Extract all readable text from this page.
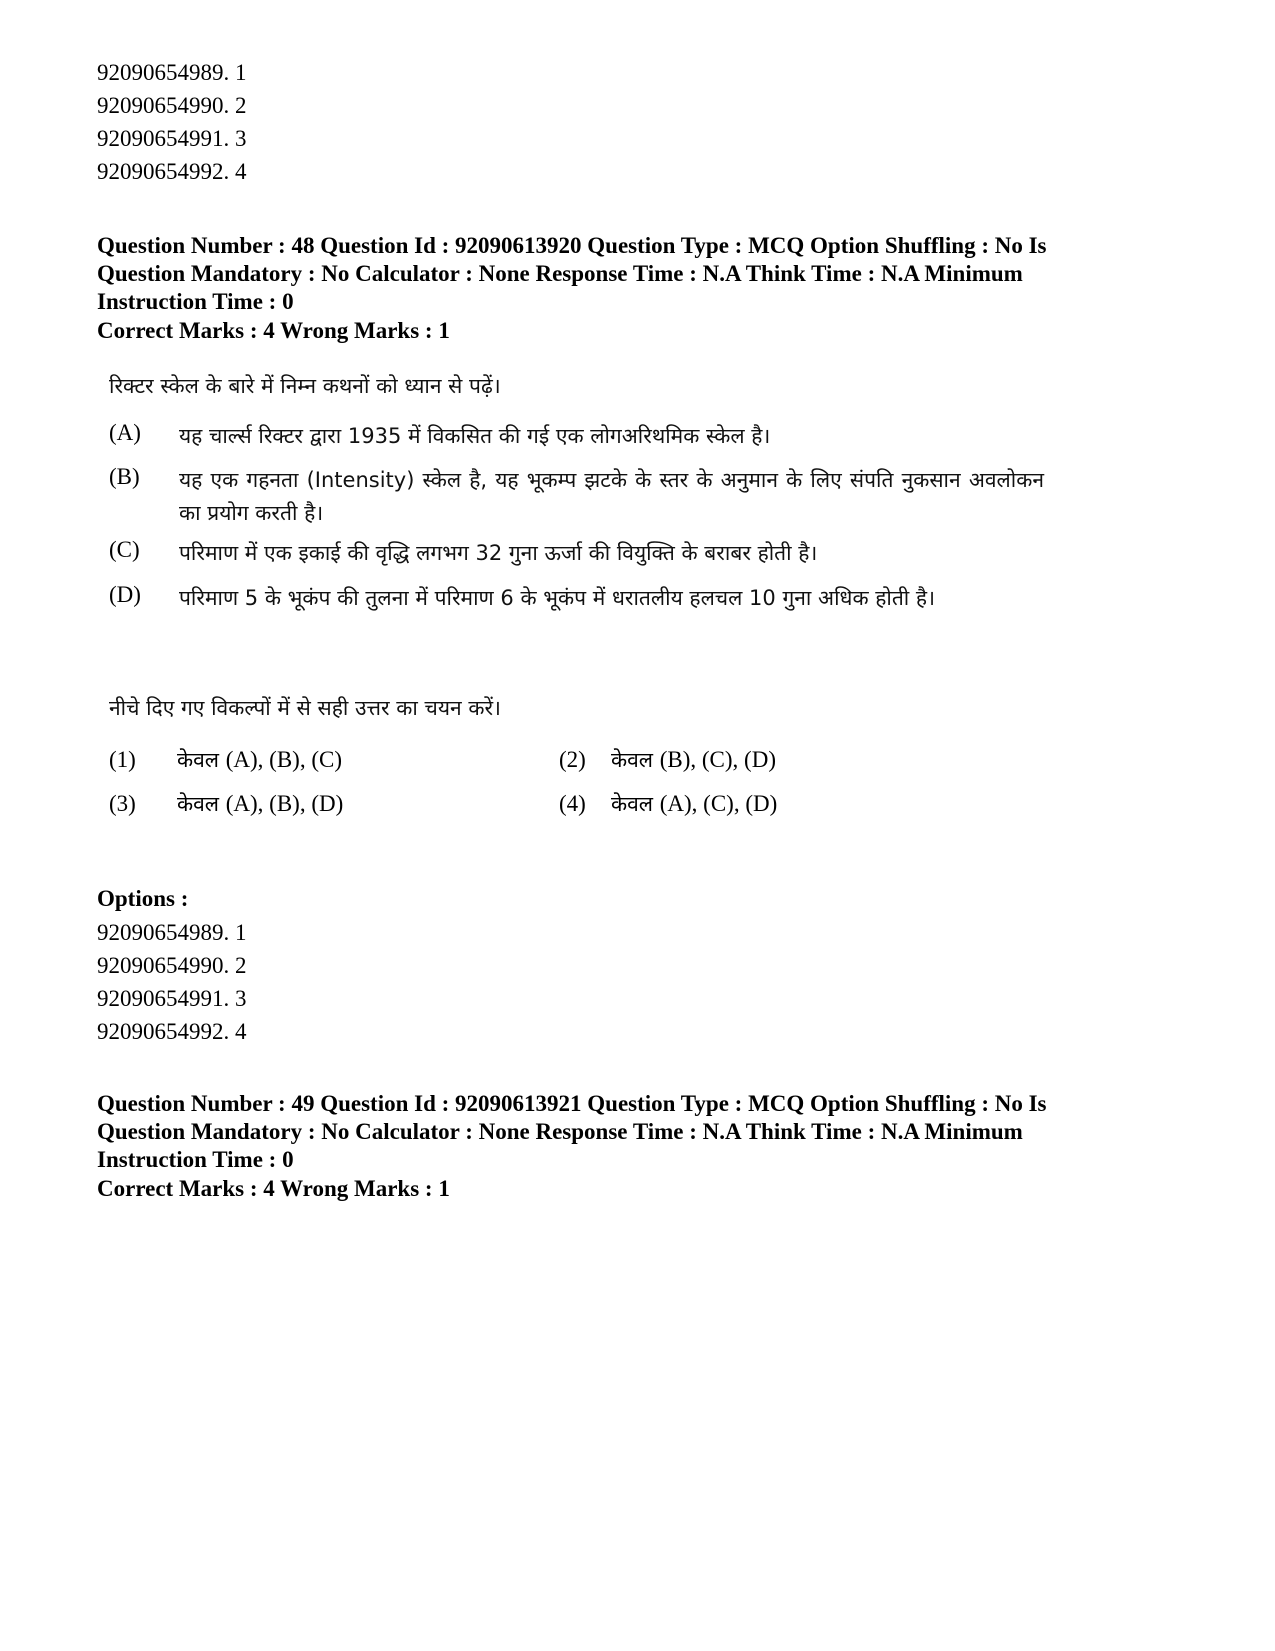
92090654989. 1
92090654990. 2
92090654991. 3
92090654992. 4

Question Number : 48 Question Id : 92090613920 Question Type : MCQ Option Shuffling : No Is

Question Mandatory : No Calculator : None Response Time : N.A Think Time : N.A Minimum

Instruction Time : 0

Correct Marks : 4 Wrong Marks : 1
रिक्टर स्केल के बारे में निम्न कथनों को ध्यान से पढ़ें।
(A) यह चार्ल्स रिक्टर द्वारा 1935 में विकसित की गई एक लोगअरिथमिक स्केल है।
(B) यह एक गहनता (Intensity) स्केल है, यह भूकम्प झटके के स्तर के अनुमान के लिए संपति नुकसान अवलोकन का प्रयोग करती है।
(C) परिमाण में एक इकाई की वृद्धि लगभग 32 गुना ऊर्जा की वियुक्ति के बराबर होती है।
(D) परिमाण 5 के भूकंप की तुलना में परिमाण 6 के भूकंप में धरातलीय हलचल 10 गुना अधिक होती है।
नीचे दिए गए विकल्पों में से सही उत्तर का चयन करें।
(1) केवल (A), (B), (C)	(2) केवल (B), (C), (D)
(3) केवल (A), (B), (D)	(4) केवल (A), (C), (D)
Options :
92090654989. 1
92090654990. 2
92090654991. 3
92090654992. 4

Question Number : 49 Question Id : 92090613921 Question Type : MCQ Option Shuffling : No Is

Question Mandatory : No Calculator : None Response Time : N.A Think Time : N.A Minimum

Instruction Time : 0

Correct Marks : 4 Wrong Marks : 1
